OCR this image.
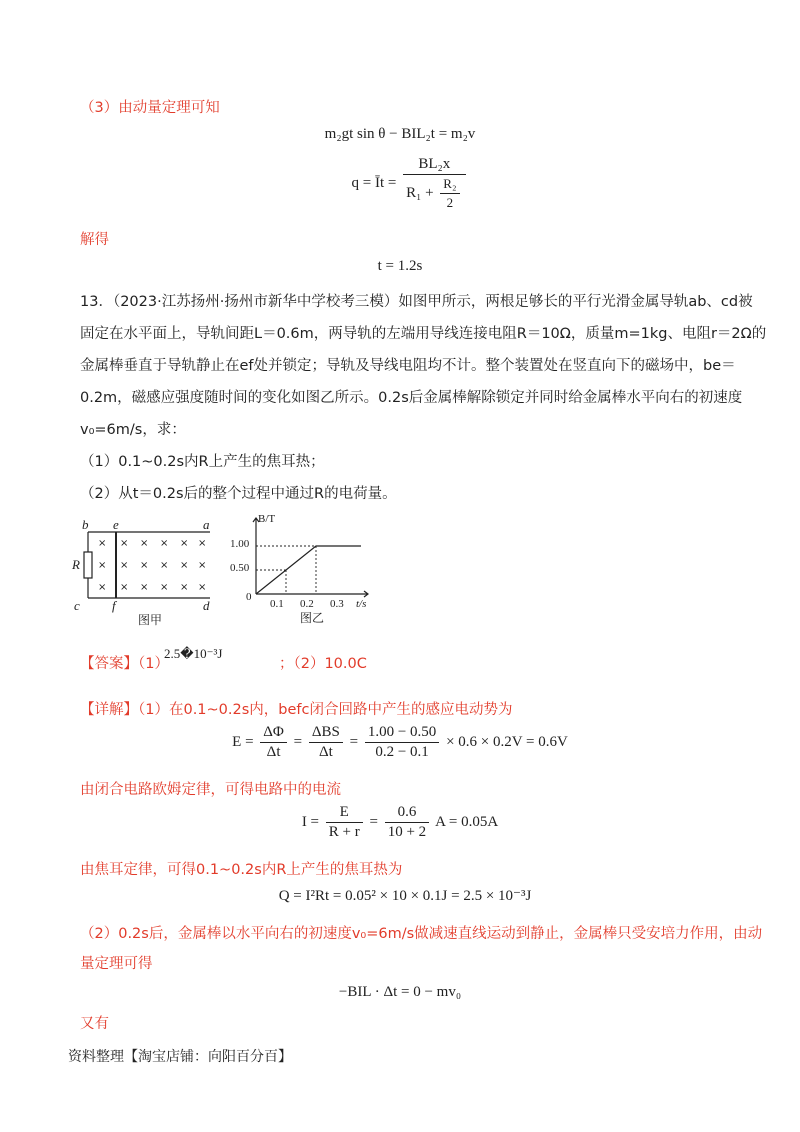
（3）由动量定理可知
m₂gt sin θ − BIL₂t = m₂v
q = Īt = $\frac{\text{BL₂x}}{R_1 + \frac{\text{R₂}}{2}}$
解得
t = 1.2s
13．（2023·江苏扬州·扬州市新华中学校考三模）如图甲所示，两根足够长的平行光滑金属导轨ab、cd被
固定在水平面上，导轨间距L＝0.6m，两导轨的左端用导线连接电阻R＝10Ω，质量m=1kg、电阻r＝2Ω的
金属棒垂直于导轨静止在ef处并锁定；导轨及导线电阻均不计。整个装置处在竖直向下的磁场中，be＝
0.2m，磁感应强度随时间的变化如图乙所示。0.2s后金属棒解除锁定并同时给金属棒水平向右的初速度
v₀=6m/s，求：
（1）0.1~0.2s内R上产生的焦耳热；
（2）从t＝0.2s后的整个过程中通过R的电荷量。
b e	a
R
c f	d
× × × × × ×
× × × × × ×
× × × × × ×
图甲
B/T
t/s
1.00
0.50
0
0.1 0.2 0.3
图乙
【答案】（1）	；（2）10.0C
2.5�10⁻³J
【详解】（1）在0.1~0.2s内，befc闭合回路中产生的感应电动势为
$E = \frac{\Delta\Phi}{\Delta t} = \frac{\text{ΔBS}}{\Delta t} = \frac{1.00 - 0.50}{0.2 - 0.1} \times 0.6 \times 0.2V = 0.6V$
由闭合电路欧姆定律，可得电路中的电流
$I = \frac{E}{R + r} = \frac{0.6}{10 + 2}$ A = 0.05A
由焦耳定律，可得0.1~0.2s内R上产生的焦耳热为
Q = I²Rt = 0.05² × 10 × 0.1J = 2.5 × 10⁻³J
（2）0.2s后，金属棒以水平向右的初速度v₀=6m/s做减速直线运动到静止，金属棒只受安培力作用，由动
量定理可得
−BIL · Δt = 0 − mv₀
又有
资料整理【淘宝店铺：向阳百分百】
